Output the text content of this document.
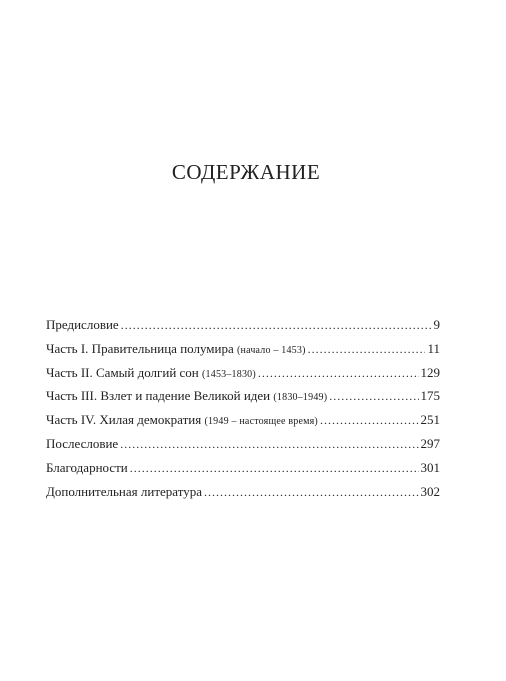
СОДЕРЖАНИЕ
Предисловие .....	9
Часть I. Правительница полумира (начало – 1453) .....	11
Часть II. Самый долгий сон (1453–1830) .....	129
Часть III. Взлет и падение Великой идеи (1830–1949) .....	175
Часть IV. Хилая демократия (1949 – настоящее время) .....	251
Послесловие .....	297
Благодарности .....	301
Дополнительная литература .....	302
